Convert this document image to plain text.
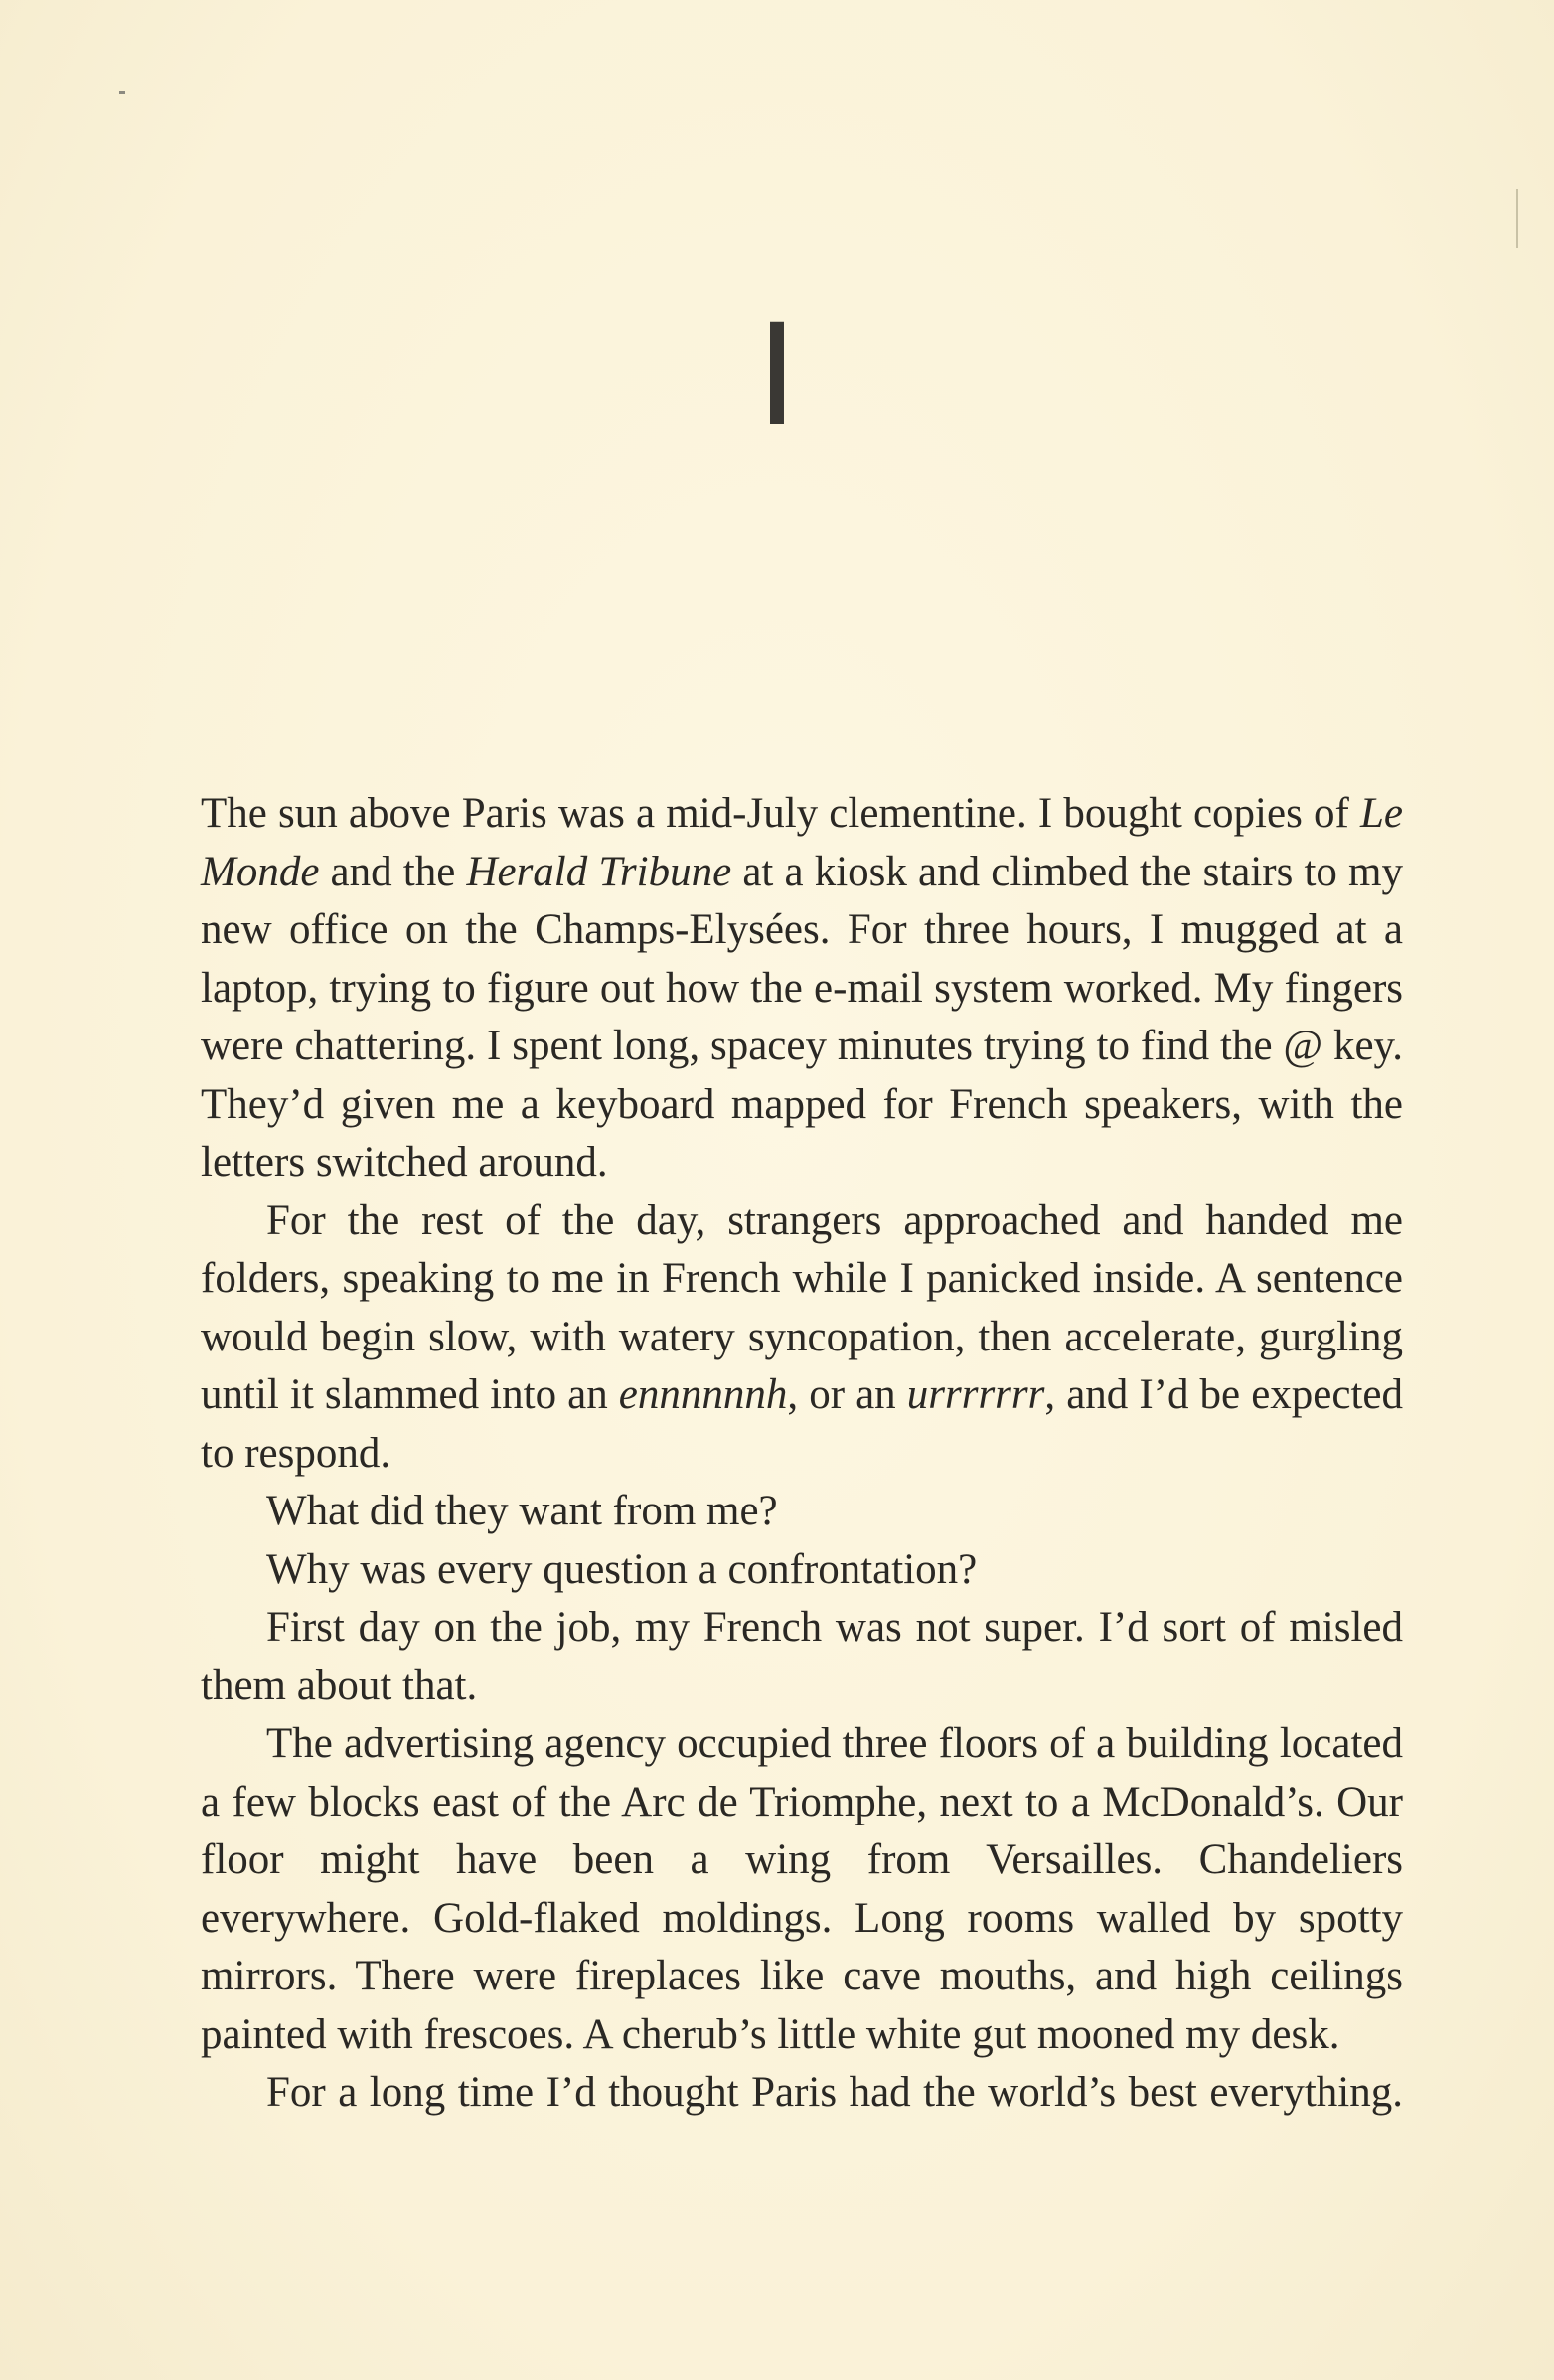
I

The sun above Paris was a mid-July clementine. I bought copies of Le Monde and the Herald Tribune at a kiosk and climbed the stairs to my new office on the Champs-Elysées. For three hours, I mugged at a laptop, trying to figure out how the e-mail system worked. My fingers were chattering. I spent long, spacey minutes trying to find the @ key. They’d given me a keyboard mapped for French speakers, with the letters switched around.

For the rest of the day, strangers approached and handed me folders, speaking to me in French while I panicked inside. A sentence would begin slow, with watery syncopation, then accelerate, gurgling until it slammed into an ennnnnnh, or an urrrrrrr, and I’d be expected to respond.

What did they want from me?

Why was every question a confrontation?

First day on the job, my French was not super. I’d sort of misled them about that.

The advertising agency occupied three floors of a building located a few blocks east of the Arc de Triomphe, next to a McDonald’s. Our floor might have been a wing from Versailles. Chandeliers everywhere. Gold-flaked moldings. Long rooms walled by spotty mirrors. There were fireplaces like cave mouths, and high ceilings painted with frescoes. A cherub’s little white gut mooned my desk.

For a long time I’d thought Paris had the world’s best everything.
